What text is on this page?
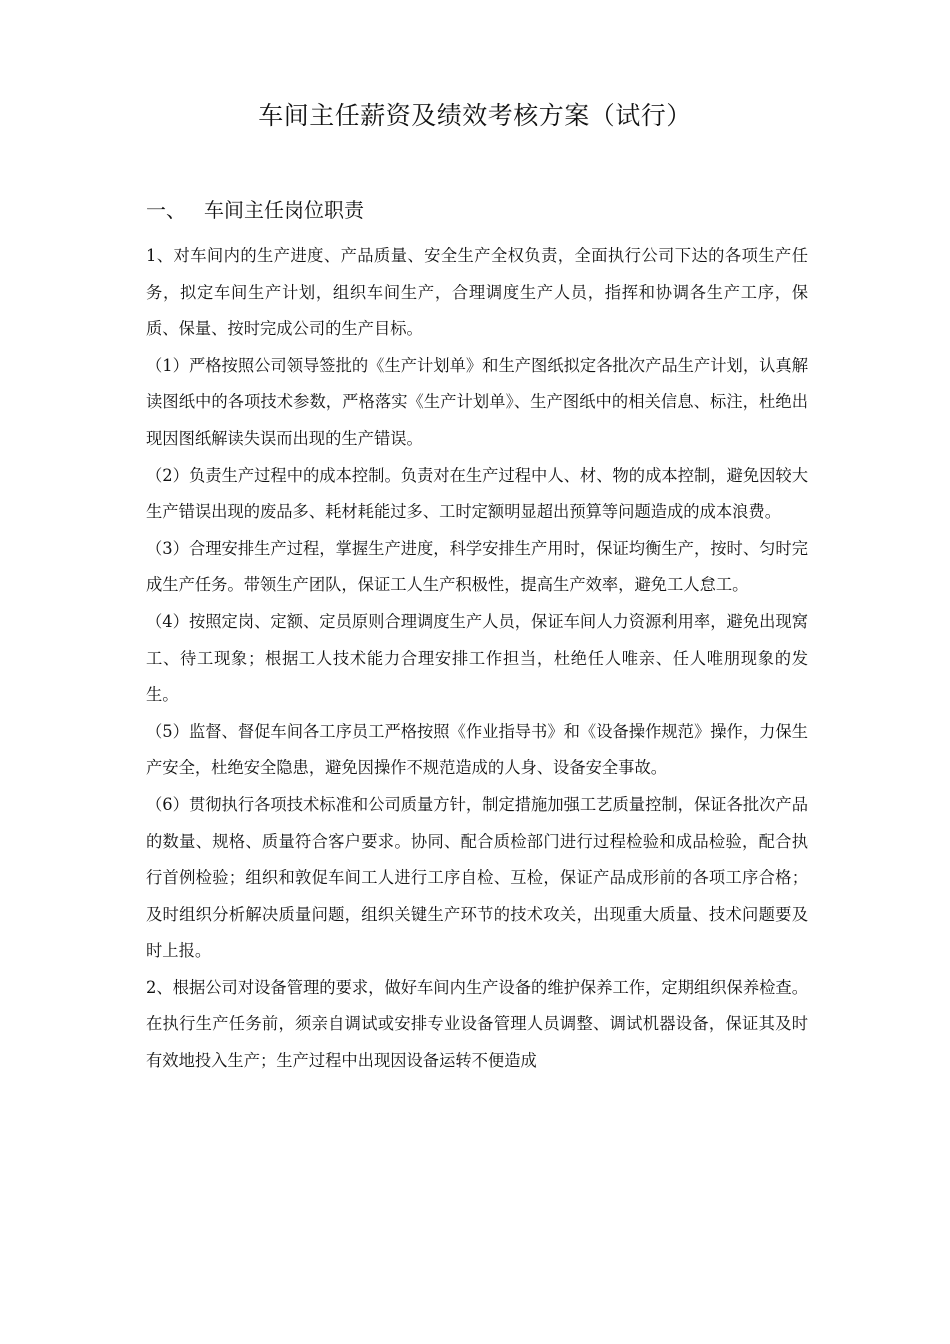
车间主任薪资及绩效考核方案（试行）
一、 车间主任岗位职责

1、对车间内的生产进度、产品质量、安全生产全权负责，全面执行公司下达的各项生产任务，拟定车间生产计划，组织车间生产，合理调度生产人员，指挥和协调各生产工序，保质、保量、按时完成公司的生产目标。

（1）严格按照公司领导签批的《生产计划单》和生产图纸拟定各批次产品生产计划，认真解读图纸中的各项技术参数，严格落实《生产计划单》、生产图纸中的相关信息、标注，杜绝出现因图纸解读失误而出现的生产错误。

（2）负责生产过程中的成本控制。负责对在生产过程中人、材、物的成本控制，避免因较大生产错误出现的废品多、耗材耗能过多、工时定额明显超出预算等问题造成的成本浪费。

（3）合理安排生产过程，掌握生产进度，科学安排生产用时，保证均衡生产，按时、匀时完成生产任务。带领生产团队，保证工人生产积极性，提高生产效率，避免工人怠工。

（4）按照定岗、定额、定员原则合理调度生产人员，保证车间人力资源利用率，避免出现窝工、待工现象；根据工人技术能力合理安排工作担当，杜绝任人唯亲、任人唯朋现象的发生。

（5）监督、督促车间各工序员工严格按照《作业指导书》和《设备操作规范》操作，力保生产安全，杜绝安全隐患，避免因操作不规范造成的人身、设备安全事故。

（6）贯彻执行各项技术标准和公司质量方针，制定措施加强工艺质量控制，保证各批次产品的数量、规格、质量符合客户要求。协同、配合质检部门进行过程检验和成品检验，配合执行首例检验；组织和敦促车间工人进行工序自检、互检，保证产品成形前的各项工序合格；及时组织分析解决质量问题，组织关键生产环节的技术攻关，出现重大质量、技术问题要及时上报。

2、根据公司对设备管理的要求，做好车间内生产设备的维护保养工作，定期组织保养检查。在执行生产任务前，须亲自调试或安排专业设备管理人员调整、调试机器设备，保证其及时有效地投入生产；生产过程中出现因设备运转不便造成
